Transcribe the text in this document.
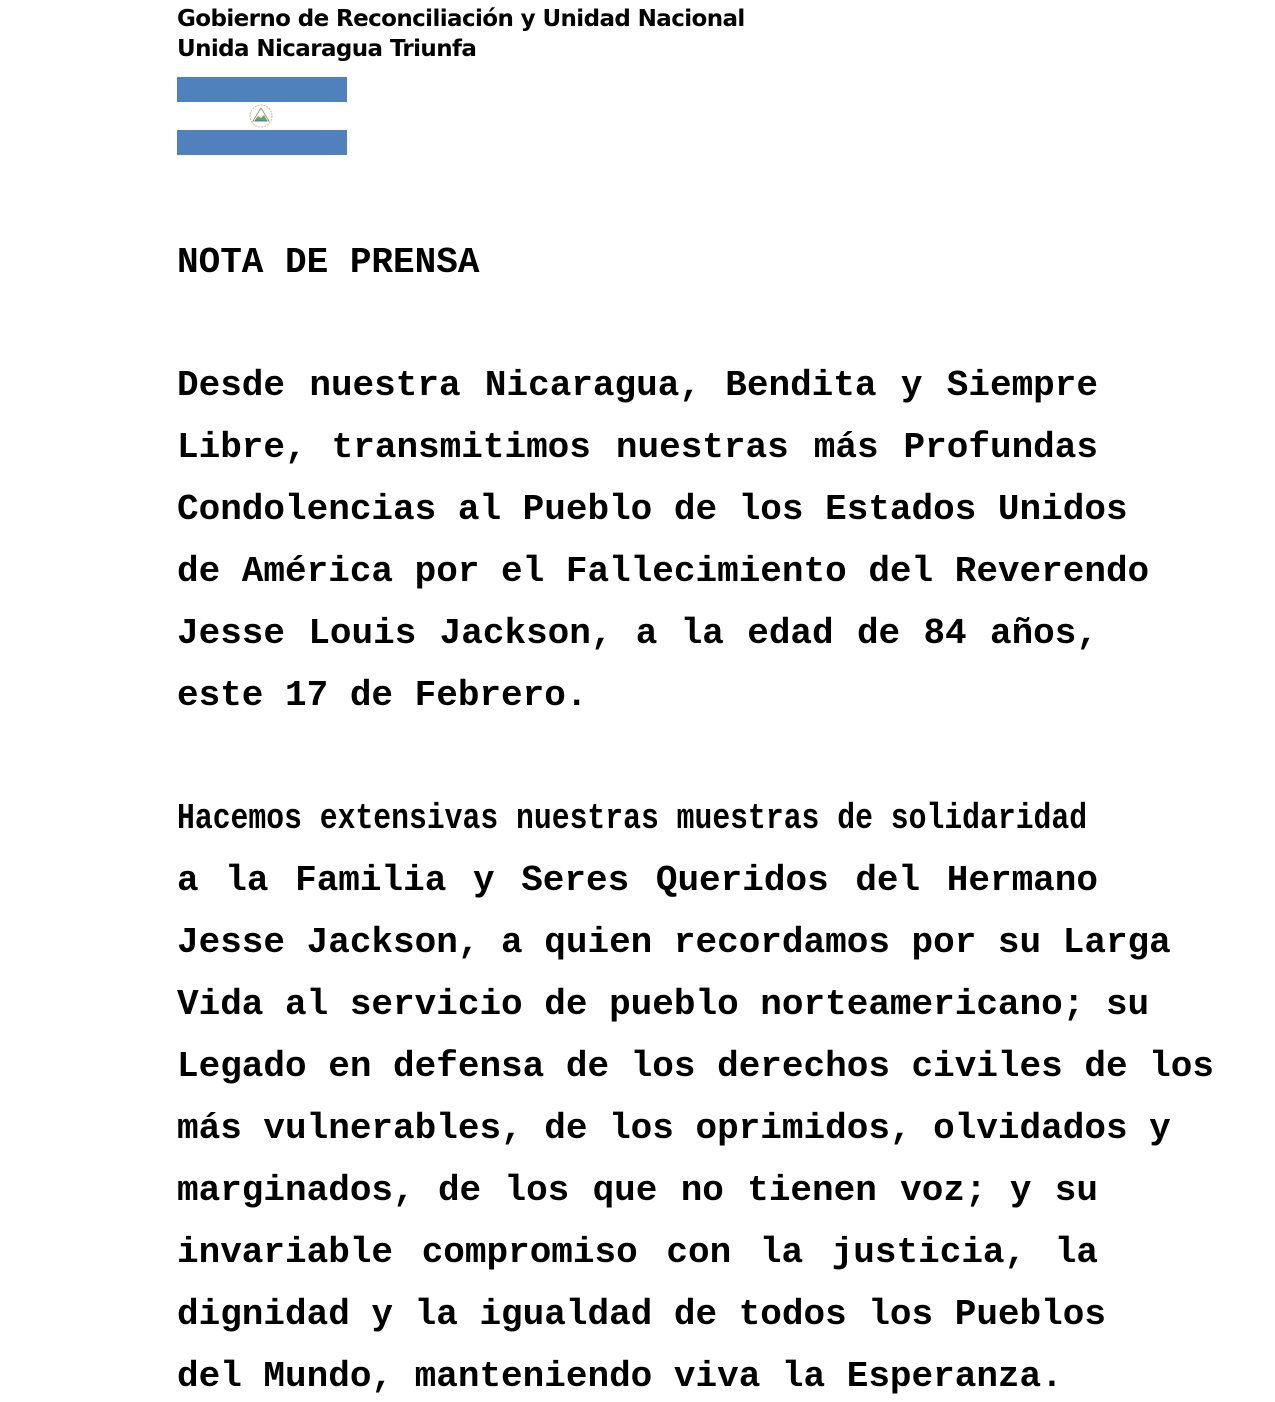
Gobierno de Reconciliación y Unidad Nacional
Unida Nicaragua Triunfa
NOTA DE PRENSA
Desde nuestra Nicaragua, Bendita y Siempre
Libre, transmitimos nuestras más Profundas
Condolencias al Pueblo de los Estados Unidos
de América por el Fallecimiento del Reverendo
Jesse Louis Jackson, a la edad de 84 años,
este 17 de Febrero.
Hacemos extensivas nuestras muestras de solidaridad
a la Familia y Seres Queridos del Hermano
Jesse Jackson, a quien recordamos por su Larga
Vida al servicio de pueblo norteamericano; su
Legado en defensa de los derechos civiles de los
más vulnerables, de los oprimidos, olvidados y
marginados, de los que no tienen voz; y su
invariable compromiso con la justicia, la
dignidad y la igualdad de todos los Pueblos
del Mundo, manteniendo viva la Esperanza.
